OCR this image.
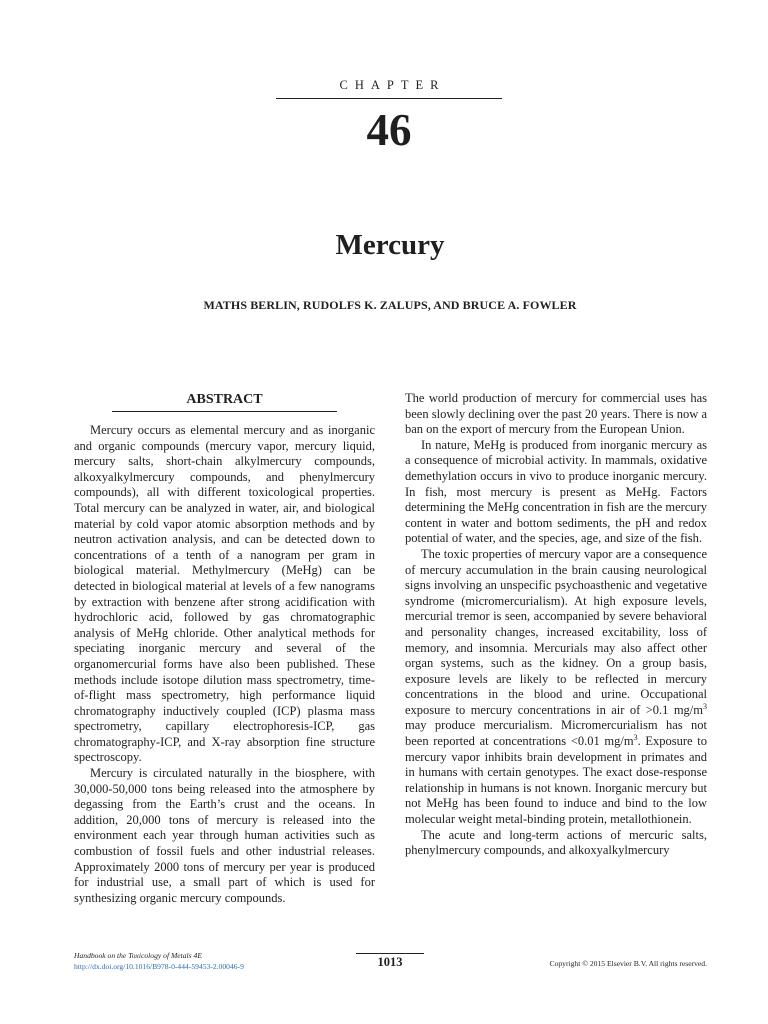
CHAPTER
46
Mercury
MATHS BERLIN, RUDOLFS K. ZALUPS, AND BRUCE A. FOWLER
ABSTRACT

Mercury occurs as elemental mercury and as inorganic and organic compounds (mercury vapor, mercury liquid, mercury salts, short-chain alkylmercury compounds, alkoxyalkylmercury compounds, and phenylmercury compounds), all with different toxicological properties. Total mercury can be analyzed in water, air, and biological material by cold vapor atomic absorption methods and by neutron activation analysis, and can be detected down to concentrations of a tenth of a nanogram per gram in biological material. Methylmercury (MeHg) can be detected in biological material at levels of a few nanograms by extraction with benzene after strong acidification with hydrochloric acid, followed by gas chromatographic analysis of MeHg chloride. Other analytical methods for speciating inorganic mercury and several of the organomercurial forms have also been published. These methods include isotope dilution mass spectrometry, time-of-flight mass spectrometry, high performance liquid chromatography inductively coupled (ICP) plasma mass spectrometry, capillary electrophoresis-ICP, gas chromatography-ICP, and X-ray absorption fine structure spectroscopy.

Mercury is circulated naturally in the biosphere, with 30,000-50,000 tons being released into the atmosphere by degassing from the Earth’s crust and the oceans. In addition, 20,000 tons of mercury is released into the environment each year through human activities such as combustion of fossil fuels and other industrial releases. Approximately 2000 tons of mercury per year is produced for industrial use, a small part of which is used for synthesizing organic mercury compounds.

The world production of mercury for commercial uses has been slowly declining over the past 20 years. There is now a ban on the export of mercury from the European Union.

In nature, MeHg is produced from inorganic mercury as a consequence of microbial activity. In mammals, oxidative demethylation occurs in vivo to produce inorganic mercury. In fish, most mercury is present as MeHg. Factors determining the MeHg concentration in fish are the mercury content in water and bottom sediments, the pH and redox potential of water, and the species, age, and size of the fish.

The toxic properties of mercury vapor are a consequence of mercury accumulation in the brain causing neurological signs involving an unspecific psychoasthenic and vegetative syndrome (micromercurialism). At high exposure levels, mercurial tremor is seen, accompanied by severe behavioral and personality changes, increased excitability, loss of memory, and insomnia. Mercurials may also affect other organ systems, such as the kidney. On a group basis, exposure levels are likely to be reflected in mercury concentrations in the blood and urine. Occupational exposure to mercury concentrations in air of >0.1 $mg/m^3$ may produce mercurialism. Micromercurialism has not been reported at concentrations <0.01 $mg/m^3$. Exposure to mercury vapor inhibits brain development in primates and in humans with certain genotypes. The exact dose-response relationship in humans is not known. Inorganic mercury but not MeHg has been found to induce and bind to the low molecular weight metal-binding protein, metallothionein.

The acute and long-term actions of mercuric salts, phenylmercury compounds, and alkoxyalkylmercury

Handbook on the Toxicology of Metals 4E
http://dx.doi.org/10.1016/B978-0-444-59453-2.00046-9	1013	Copyright © 2015 Elsevier B.V. All rights reserved.
